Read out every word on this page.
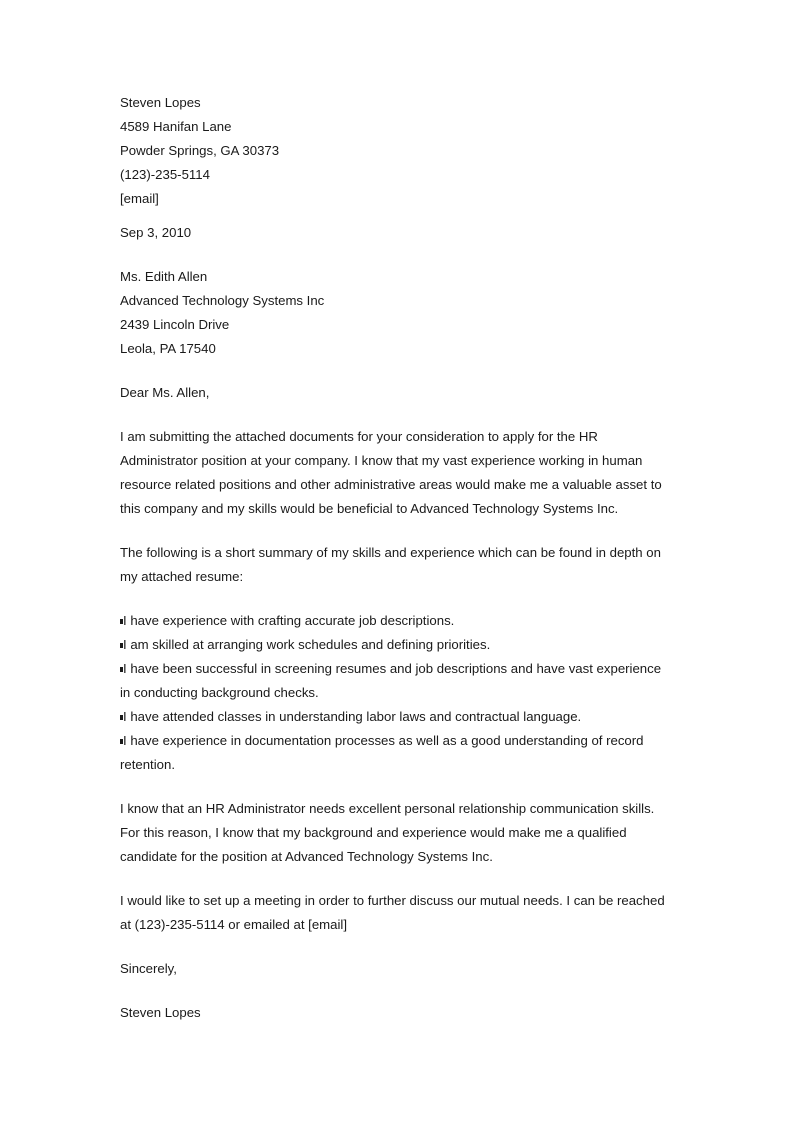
Steven Lopes
4589 Hanifan Lane
Powder Springs, GA 30373
(123)-235-5114
[email]
Sep 3, 2010
Ms. Edith Allen
Advanced Technology Systems Inc
2439 Lincoln Drive
Leola, PA 17540
Dear Ms. Allen,
I am submitting the attached documents for your consideration to apply for the HR
Administrator position at your company. I know that my vast experience working in human
resource related positions and other administrative areas would make me a valuable asset to
this company and my skills would be beneficial to Advanced Technology Systems Inc.
The following is a short summary of my skills and experience which can be found in depth on
my attached resume:
I have experience with crafting accurate job descriptions.
I am skilled at arranging work schedules and defining priorities.
I have been successful in screening resumes and job descriptions and have vast experience
in conducting background checks.
I have attended classes in understanding labor laws and contractual language.
I have experience in documentation processes as well as a good understanding of record
retention.
I know that an HR Administrator needs excellent personal relationship communication skills.
For this reason, I know that my background and experience would make me a qualified
candidate for the position at Advanced Technology Systems Inc.
I would like to set up a meeting in order to further discuss our mutual needs. I can be reached
at (123)-235-5114 or emailed at [email]
Sincerely,
Steven Lopes
